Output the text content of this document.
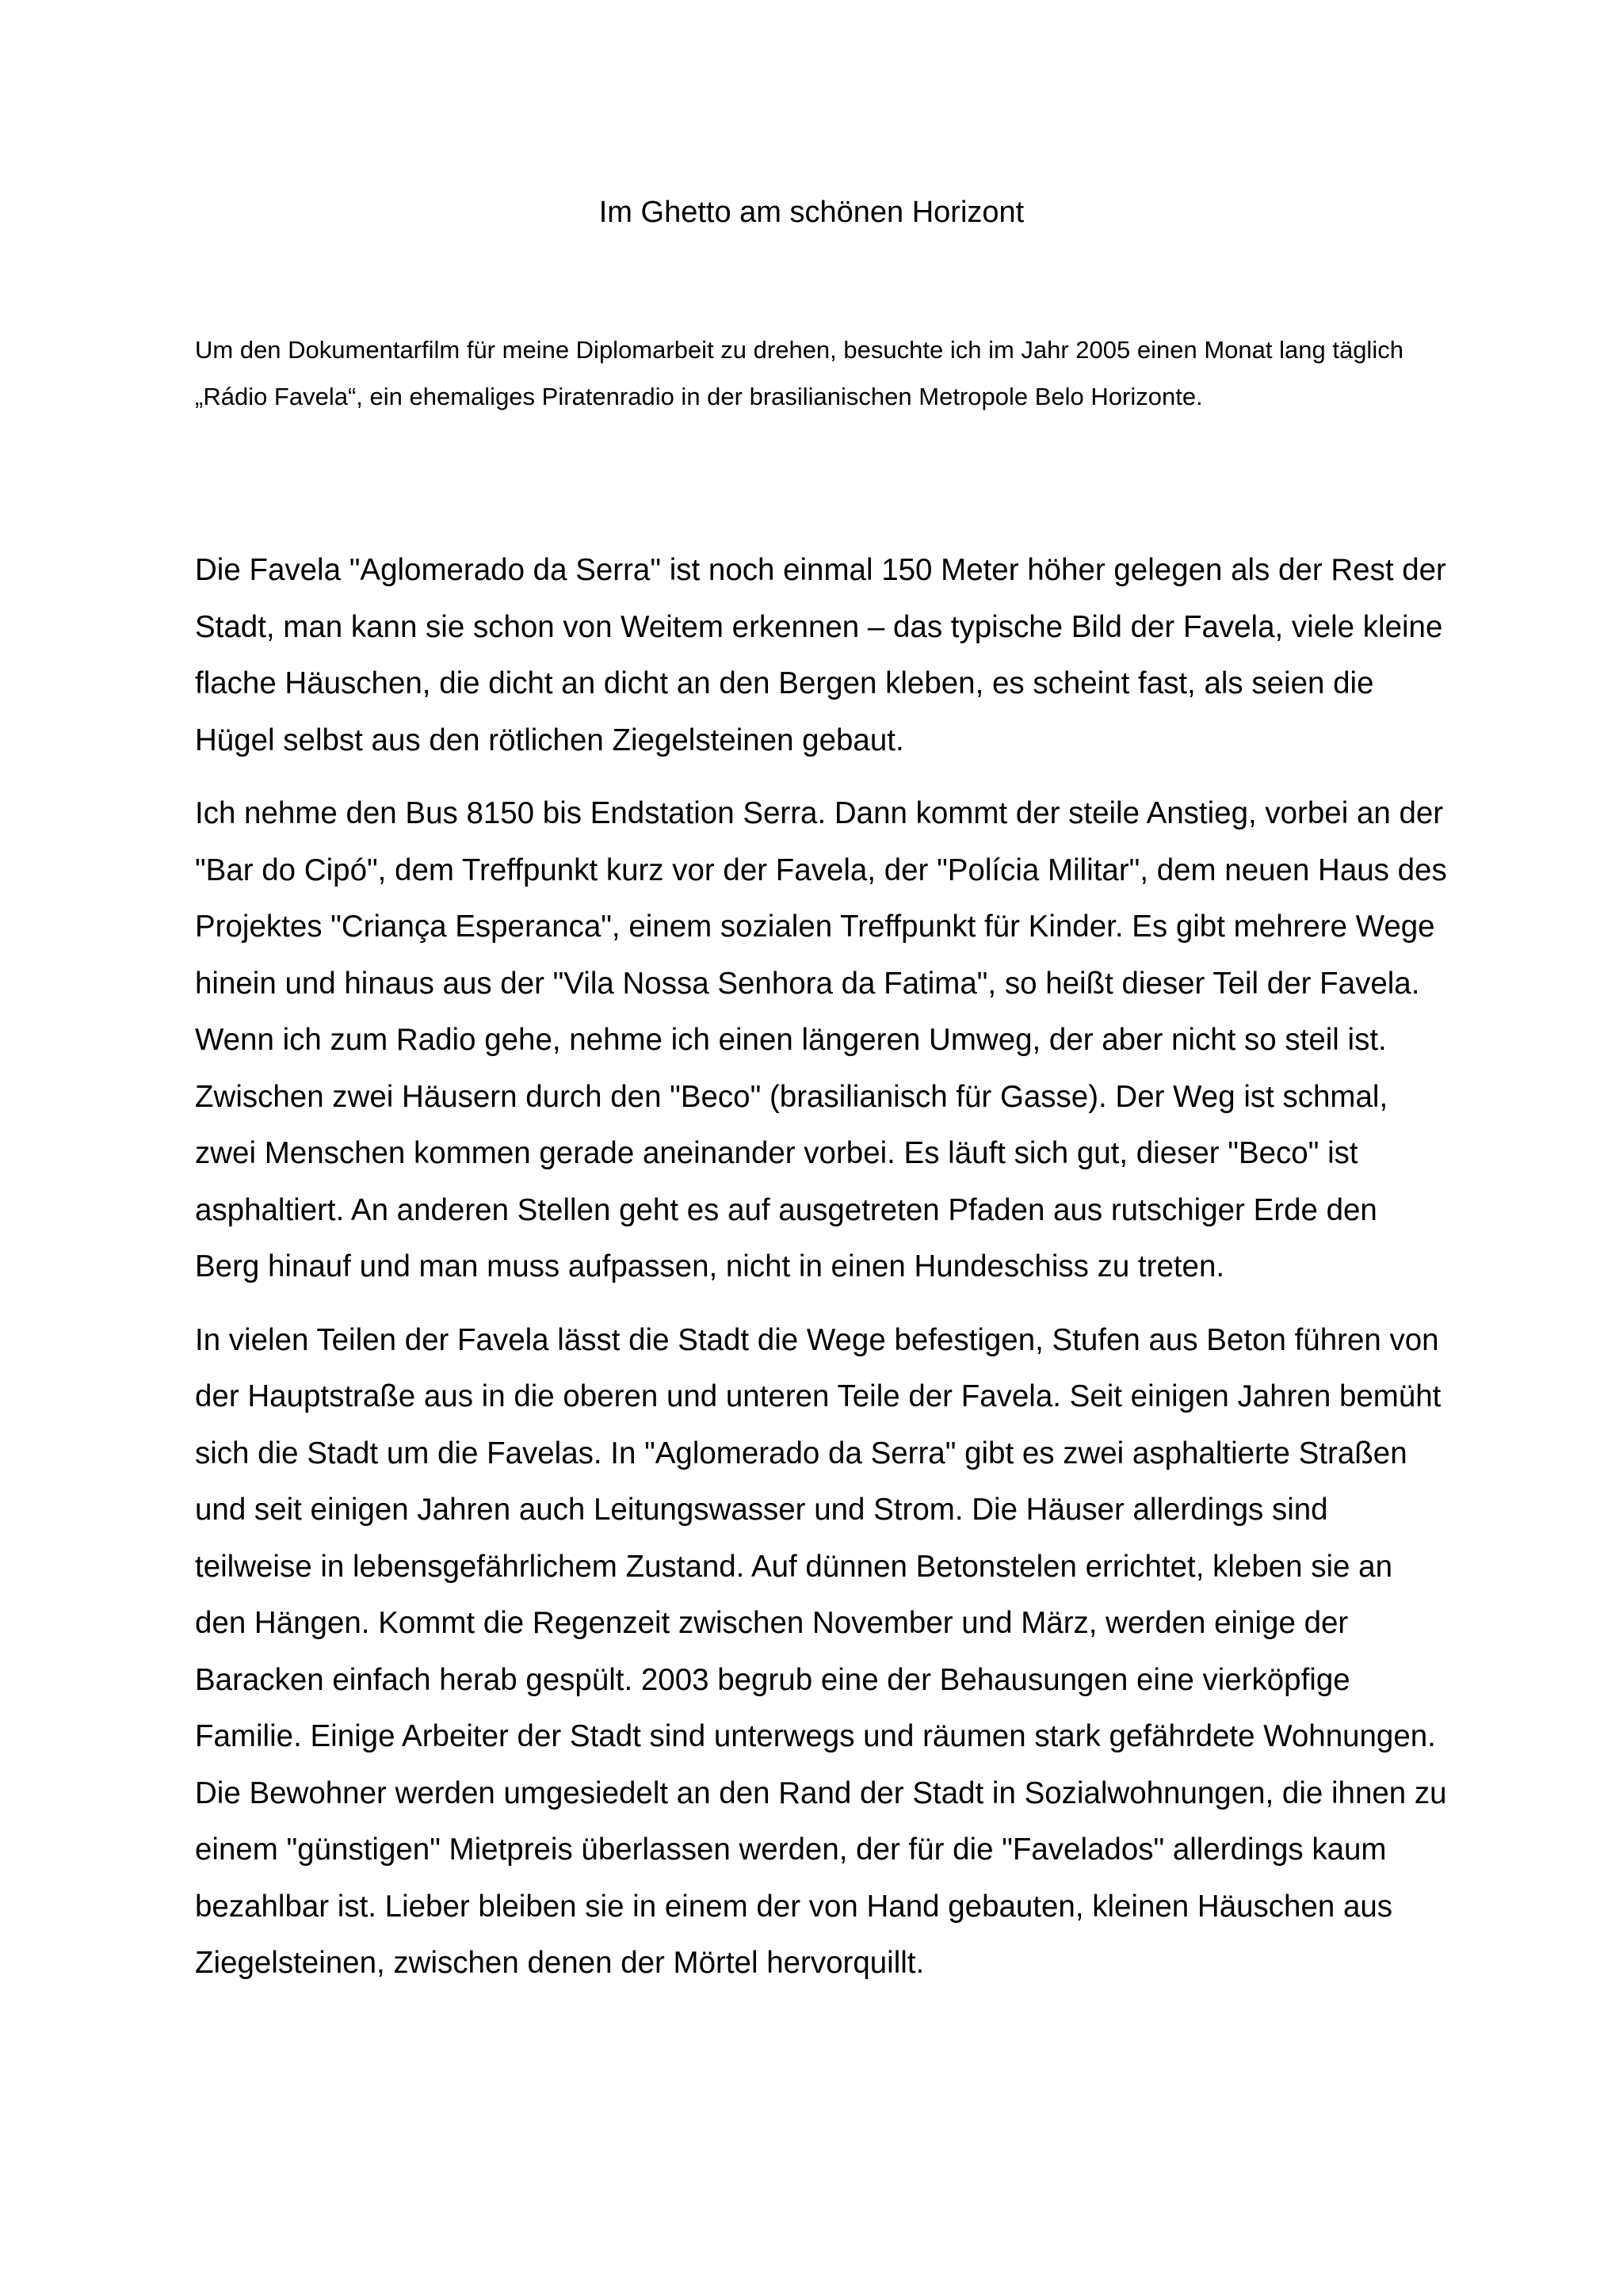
Im Ghetto am schönen Horizont

Um den Dokumentarfilm für meine Diplomarbeit zu drehen, besuchte ich im Jahr 2005 einen Monat lang täglich „Rádio Favela“, ein ehemaliges Piratenradio in der brasilianischen Metropole Belo Horizonte.

Die Favela "Aglomerado da Serra" ist noch einmal 150 Meter höher gelegen als der Rest der Stadt, man kann sie schon von Weitem erkennen – das typische Bild der Favela, viele kleine flache Häuschen, die dicht an dicht an den Bergen kleben, es scheint fast, als seien die Hügel selbst aus den rötlichen Ziegelsteinen gebaut.

Ich nehme den Bus 8150 bis Endstation Serra. Dann kommt der steile Anstieg, vorbei an der "Bar do Cipó", dem Treffpunkt kurz vor der Favela, der "Polícia Militar", dem neuen Haus des Projektes "Criança Esperanca", einem sozialen Treffpunkt für Kinder. Es gibt mehrere Wege hinein und hinaus aus der "Vila Nossa Senhora da Fatima", so heißt dieser Teil der Favela. Wenn ich zum Radio gehe, nehme ich einen längeren Umweg, der aber nicht so steil ist. Zwischen zwei Häusern durch den "Beco" (brasilianisch für Gasse). Der Weg ist schmal, zwei Menschen kommen gerade aneinander vorbei. Es läuft sich gut, dieser "Beco" ist asphaltiert. An anderen Stellen geht es auf ausgetreten Pfaden aus rutschiger Erde den Berg hinauf und man muss aufpassen, nicht in einen Hundeschiss zu treten.

In vielen Teilen der Favela lässt die Stadt die Wege befestigen, Stufen aus Beton führen von der Hauptstraße aus in die oberen und unteren Teile der Favela. Seit einigen Jahren bemüht sich die Stadt um die Favelas. In "Aglomerado da Serra" gibt es zwei asphaltierte Straßen und seit einigen Jahren auch Leitungswasser und Strom. Die Häuser allerdings sind teilweise in lebensgefährlichem Zustand. Auf dünnen Betonstelen errichtet, kleben sie an den Hängen. Kommt die Regenzeit zwischen November und März, werden einige der Baracken einfach herab gespült. 2003 begrub eine der Behausungen eine vierköpfige Familie. Einige Arbeiter der Stadt sind unterwegs und räumen stark gefährdete Wohnungen. Die Bewohner werden umgesiedelt an den Rand der Stadt in Sozialwohnungen, die ihnen zu einem "günstigen" Mietpreis überlassen werden, der für die "Favelados" allerdings kaum bezahlbar ist. Lieber bleiben sie in einem der von Hand gebauten, kleinen Häuschen aus Ziegelsteinen, zwischen denen der Mörtel hervorquillt.
